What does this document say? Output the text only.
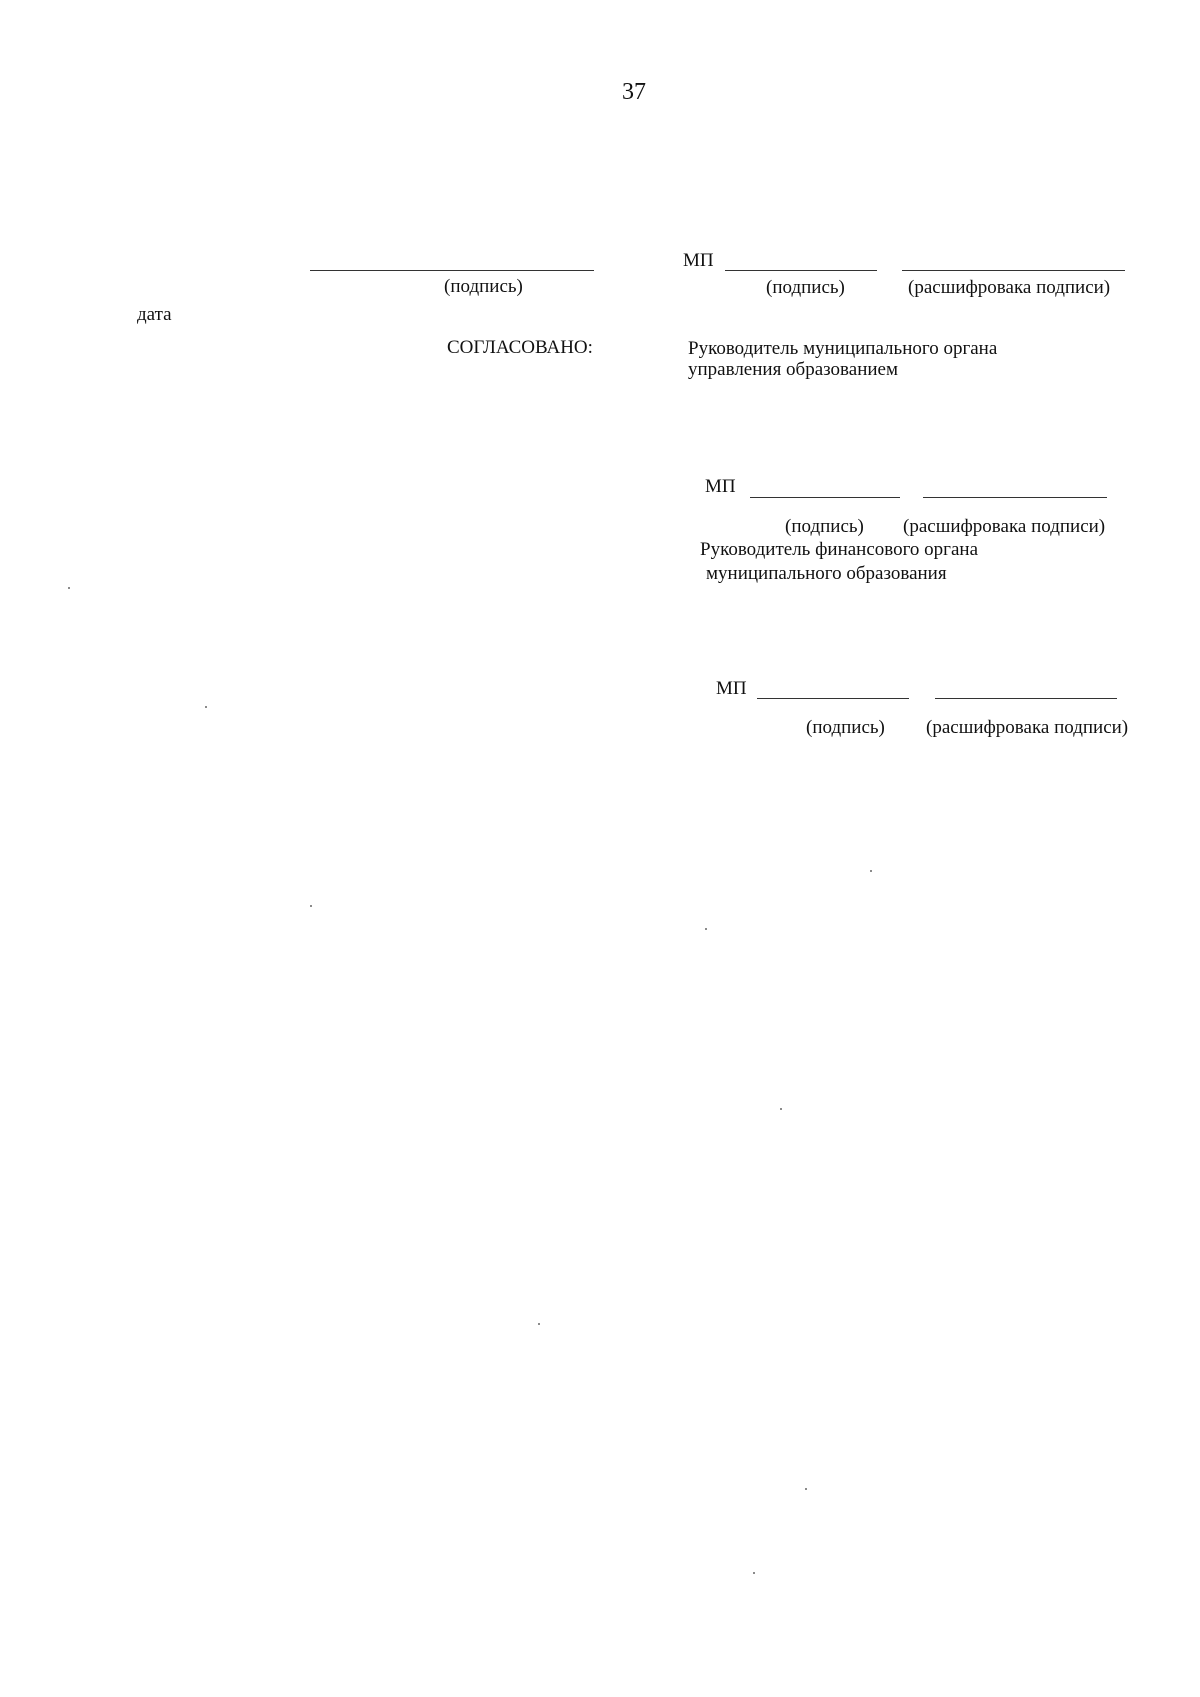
37
(подпись)
дата
МП
(подпись)	(расшифровака подписи)
СОГЛАСОВАНО:	Руководитель муниципального органа
управления образованием
МП
(подпись) (расшифровака подписи)
Руководитель финансового органа
муниципального образования
МП
(подпись) (расшифровака подписи)
